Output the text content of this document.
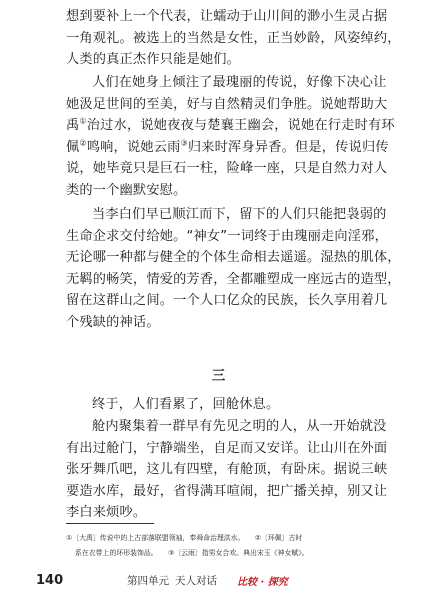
想到要补上一个代表，让蠕动于山川间的渺小生灵占据
一角观礼。被选上的当然是女性，正当妙龄，风姿绰约，
人类的真正杰作只能是她们。
人们在她身上倾注了最瑰丽的传说，好像下决心让
她汲足世间的至美，好与自然精灵们争胜。说她帮助大
禹①治过水，说她夜夜与楚襄王幽会，说她在行走时有环
佩②鸣响，说她云雨③归来时浑身异香。但是，传说归传
说，她毕竟只是巨石一柱，险峰一座，只是自然力对人
类的一个幽默安慰。
当李白们早已顺江而下，留下的人们只能把袅弱的
生命企求交付给她。“神女”一词终于由瑰丽走向淫邪，
无论哪一种都与健全的个体生命相去遥遥。湿热的肌体，
无羁的畅笑，情爱的芳香，全都雕塑成一座远古的造型，
留在这群山之间。一个人口亿众的民族，长久享用着几
个残缺的神话。
三
终于，人们看累了，回舱休息。
舱内聚集着一群早有先见之明的人，从一开始就没
有出过舱门，宁静端坐，自足而又安详。让山川在外面
张牙舞爪吧，这儿有四壁，有舱顶，有卧床。据说三峡
要造水库，最好，省得满耳喧闹，把广播关掉，别又让
李白来烦吵。
①〔大禹〕传说中的上古部落联盟领袖，奉舜命治理洪水。　　②〔环佩〕古时
系在衣带上的环形装饰品。　　③〔云雨〕指男女合欢。典出宋玉《神女赋》。
140	第四单元 天人对话 比较 · 探究
